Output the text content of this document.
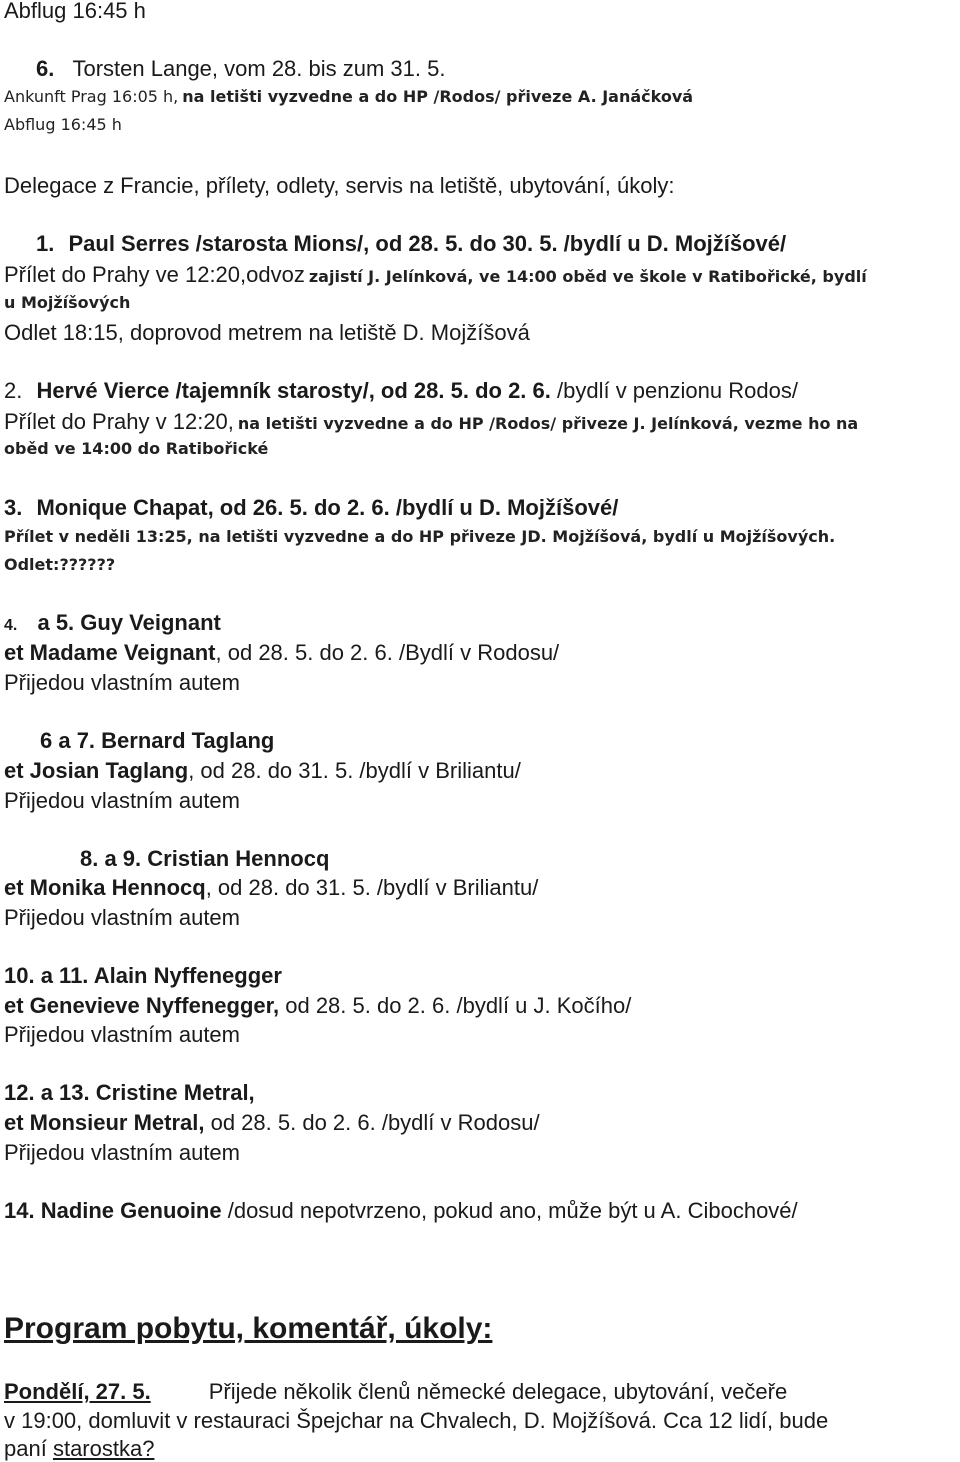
Abflug 16:45 h
6. Torsten Lange, vom 28. bis zum 31. 5.
Ankunft Prag 16:05 h, na letišti vyzvedne a do HP /Rodos/ přiveze A. Janáčková
Abflug 16:45 h
Delegace z Francie, přílety, odlety, servis na letiště, ubytování, úkoly:
1. Paul Serres /starosta Mions/, od 28. 5. do 30. 5. /bydlí u D. Mojžíšové/
Přílet do Prahy ve 12:20,odvoz zajistí J. Jelínková, ve 14:00 oběd ve škole v Ratibořické, bydlí
u Mojžíšových
Odlet 18:15, doprovod metrem na letiště D. Mojžíšová
2. Hervé Vierce /tajemník starosty/, od 28. 5. do 2. 6. /bydlí v penzionu Rodos/
Přílet do Prahy v 12:20, na letišti vyzvedne a do HP /Rodos/ přiveze J. Jelínková, vezme ho na
oběd ve 14:00 do Ratibořické
3. Monique Chapat, od 26. 5. do 2. 6. /bydlí u D. Mojžíšové/
Přílet v neděli 13:25, na letišti vyzvedne a do HP přiveze JD. Mojžíšová, bydlí u Mojžíšových.
Odlet:??????
4. a 5. Guy Veignant
et Madame Veignant, od 28. 5. do 2. 6. /Bydlí v Rodosu/
Přijedou vlastním autem
6 a 7. Bernard Taglang
et Josian Taglang, od 28. do 31. 5. /bydlí v Briliantu/
Přijedou vlastním autem
8. a 9. Cristian Hennocq
et Monika Hennocq, od 28. do 31. 5. /bydlí v Briliantu/
Přijedou vlastním autem
10. a 11. Alain Nyffenegger
et Genevieve Nyffenegger, od 28. 5. do 2. 6. /bydlí u J. Kočího/
Přijedou vlastním autem
12. a 13. Cristine Metral,
et Monsieur Metral, od 28. 5. do 2. 6. /bydlí v Rodosu/
Přijedou vlastním autem
14. Nadine Genuoine /dosud nepotvrzeno, pokud ano, může být u A. Cibochové/
Program pobytu, komentář, úkoly:
Pondělí, 27. 5.	Přijede několik členů německé delegace, ubytování, večeře
v 19:00, domluvit v restauraci Špejchar na Chvalech, D. Mojžíšová. Cca 12 lidí, bude
paní starostka?
